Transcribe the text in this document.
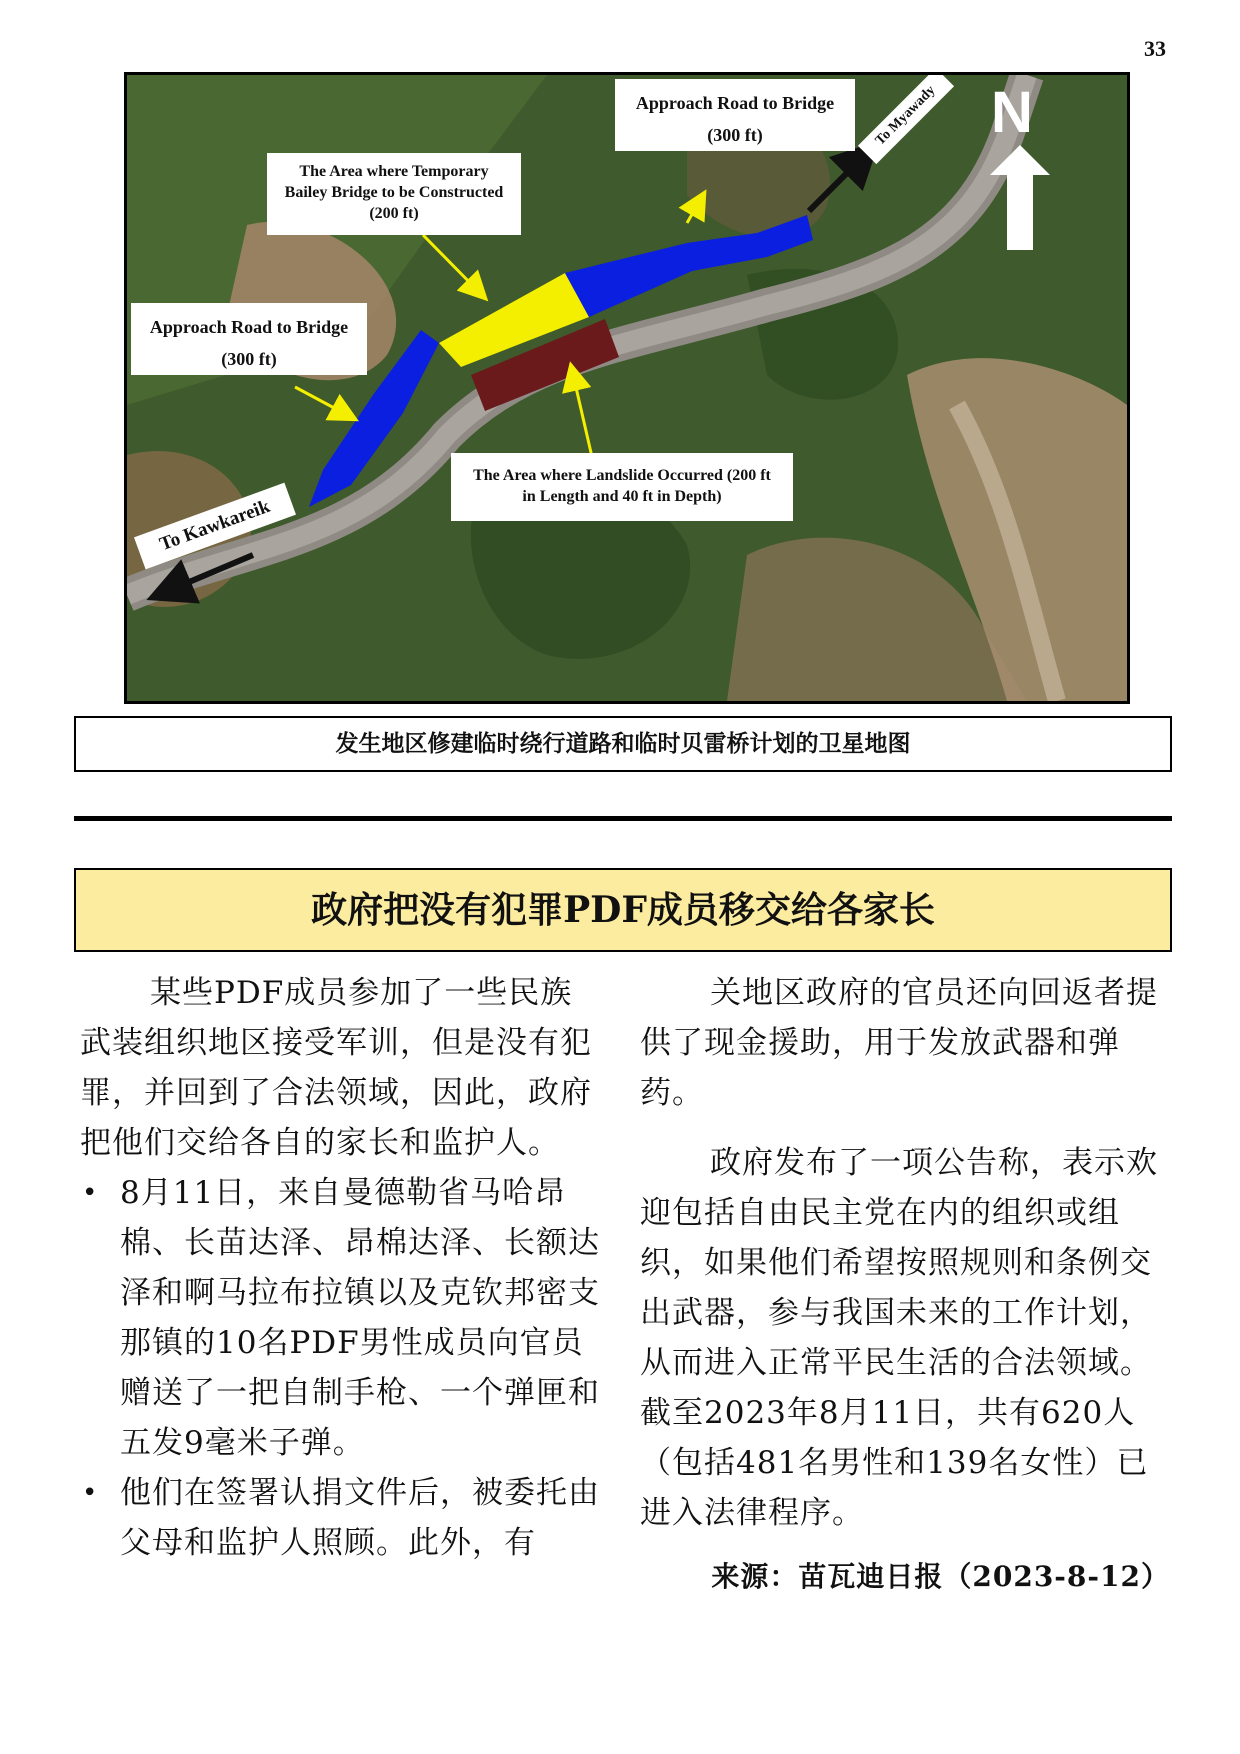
33
Approach Road to Bridge
(300 ft)
The Area where Temporary
Bailey Bridge to be Constructed
(200 ft)
Approach Road to Bridge
(300 ft)
The Area where Landslide Occurred (200 ft
in Length and 40 ft in Depth)
To Kawkareik
To Myawady N
发生地区修建临时绕行道路和临时贝雷桥计划的卫星地图
政府把没有犯罪PDF成员移交给各家长

某些PDF成员参加了一些民族武装组织地区接受军训，但是没有犯罪，并回到了合法领域，因此，政府把他们交给各自的家长和监护人。

• 8月11日，来自曼德勒省马哈昂棉、长苗达泽、昂棉达泽、长额达泽和啊马拉布拉镇以及克钦邦密支那镇的10名PDF男性成员向官员赠送了一把自制手枪、一个弹匣和五发9毫米子弹。
• 他们在签署认捐文件后，被委托由父母和监护人照顾。此外，有

关地区政府的官员还向回返者提供了现金援助，用于发放武器和弹药。

政府发布了一项公告称，表示欢迎包括自由民主党在内的组织或组织，如果他们希望按照规则和条例交出武器，参与我国未来的工作计划，从而进入正常平民生活的合法领域。截至2023年8月11日，共有620人（包括481名男性和139名女性）已进入法律程序。

来源：苗瓦迪日报（2023-8-12）
